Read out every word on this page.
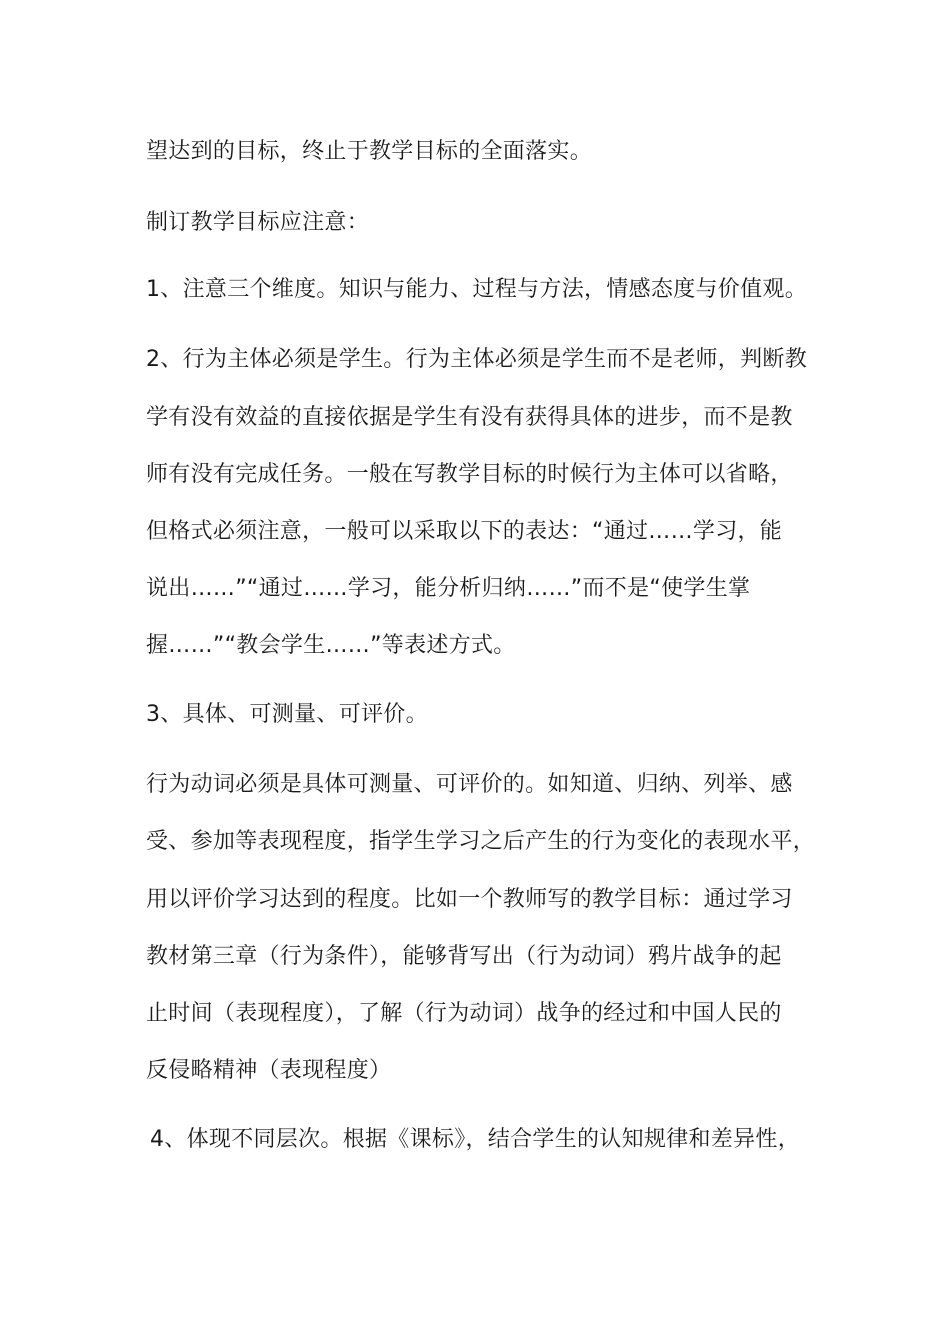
望达到的目标，终止于教学目标的全面落实。
制订教学目标应注意：
1、注意三个维度。知识与能力、过程与方法，情感态度与价值观。
2、行为主体必须是学生。行为主体必须是学生而不是老师，判断教
学有没有效益的直接依据是学生有没有获得具体的进步，而不是教
师有没有完成任务。一般在写教学目标的时候行为主体可以省略，
但格式必须注意，一般可以采取以下的表达：“通过……学习，能
说出……”“通过……学习，能分析归纳……”而不是“使学生掌
握……”“教会学生……”等表述方式。
3、具体、可测量、可评价。
行为动词必须是具体可测量、可评价的。如知道、归纳、列举、感
受、参加等表现程度，指学生学习之后产生的行为变化的表现水平，
用以评价学习达到的程度。比如一个教师写的教学目标：通过学习
教材第三章（行为条件），能够背写出（行为动词）鸦片战争的起
止时间（表现程度），了解（行为动词）战争的经过和中国人民的
反侵略精神（表现程度）
4、体现不同层次。根据《课标》，结合学生的认知规律和差异性，
